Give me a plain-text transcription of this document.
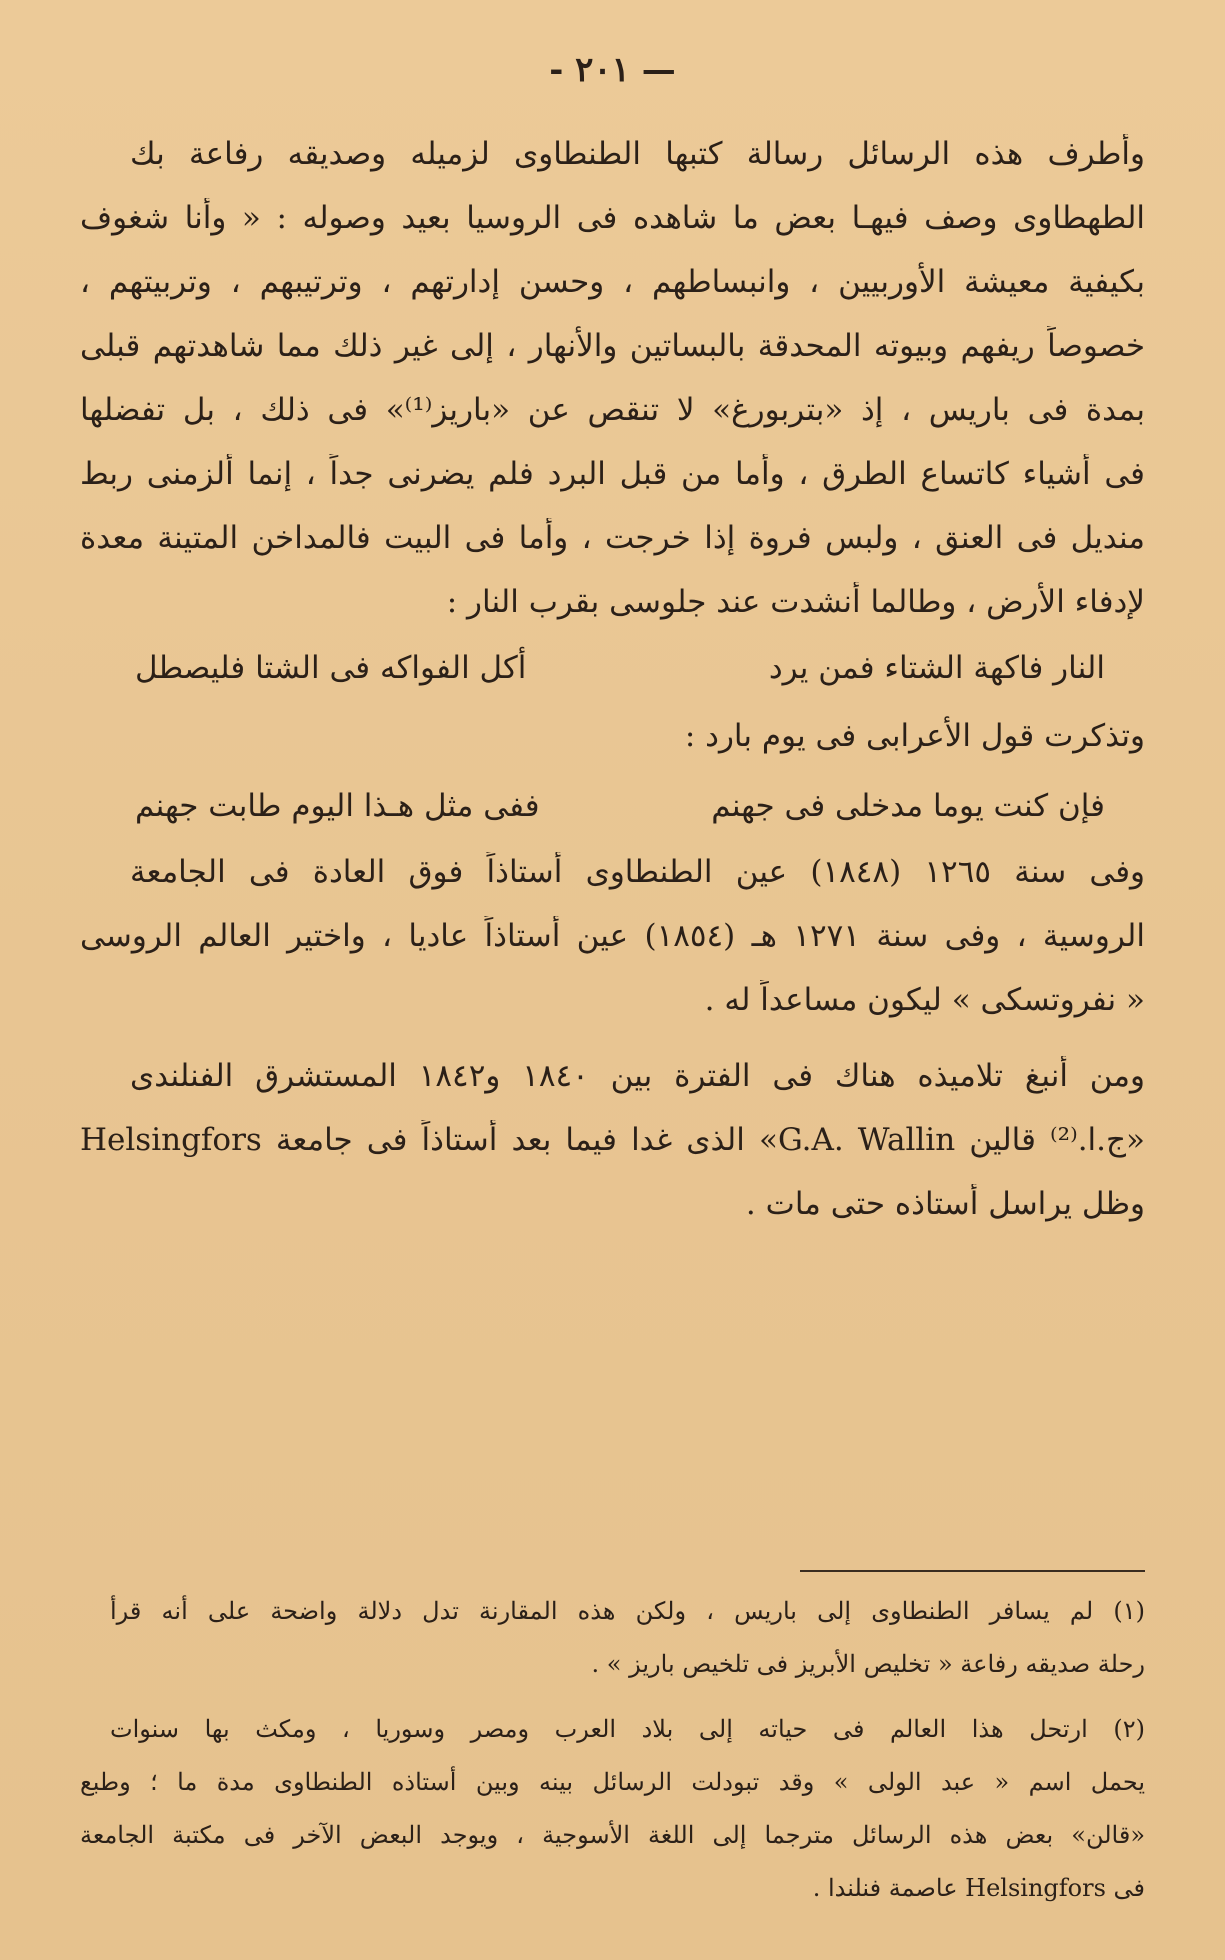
— ٢٠١ -
وأطرف هذه الرسائل رسالة كتبها الطنطاوى لزميله وصديقه رفاعة بك
الطهطاوى وصف فيهـا بعض ما شاهده فى الروسيا بعيد وصوله : « وأنا شغوف
بكيفية معيشة الأوربيين ، وانبساطهم ، وحسن إدارتهم ، وترتيبهم ، وتربيتهم ،
خصوصاً ريفهم وبيوته المحدقة بالبساتين والأنهار ، إلى غير ذلك مما شاهدتهم قبلى
بمدة فى باريس ، إذ «بتربورغ» لا تنقص عن «باريز⁽¹⁾» فى ذلك ، بل تفضلها
فى أشياء كاتساع الطرق ، وأما من قبل البرد فلم يضرنى جداً ، إنما ألزمنى ربط
منديل فى العنق ، ولبس فروة إذا خرجت ، وأما فى البيت فالمداخن المتينة معدة
لإدفاء الأرض ، وطالما أنشدت عند جلوسى بقرب النار :
النار فاكهة الشتاء فمن يرد
أكل الفواكه فى الشتا فليصطل
وتذكرت قول الأعرابى فى يوم بارد :
فإن كنت يوما مدخلى فى جهنم
ففى مثل هـذا اليوم طابت جهنم
وفى سنة ١٢٦٥ (١٨٤٨) عين الطنطاوى أستاذاً فوق العادة فى الجامعة
الروسية ، وفى سنة ١٢٧١ هـ (١٨٥٤) عين أستاذاً عاديا ، واختير العالم الروسى
« نفروتسكى » ليكون مساعداً له .
ومن أنبغ تلاميذه هناك فى الفترة بين ١٨٤٠ و١٨٤٢ المستشرق الفنلندى
«ج.ا.⁽²⁾ قالين G.A. Wallin» الذى غدا فيما بعد أستاذاً فى جامعة Helsingfors
وظل يراسل أستاذه حتى مات .
(١) لم يسافر الطنطاوى إلى باريس ، ولكن هذه المقارنة تدل دلالة واضحة على أنه قرأ
رحلة صديقه رفاعة « تخليص الأبريز فى تلخيص باريز » .
(٢) ارتحل هذا العالم فى حياته إلى بلاد العرب ومصر وسوريا ، ومكث بها سنوات
يحمل اسم « عبد الولى » وقد تبودلت الرسائل بينه وبين أستاذه الطنطاوى مدة ما ؛ وطبع
«قالن» بعض هذه الرسائل مترجما إلى اللغة الأسوجية ، ويوجد البعض الآخر فى مكتبة الجامعة
فى Helsingfors عاصمة فنلندا .
